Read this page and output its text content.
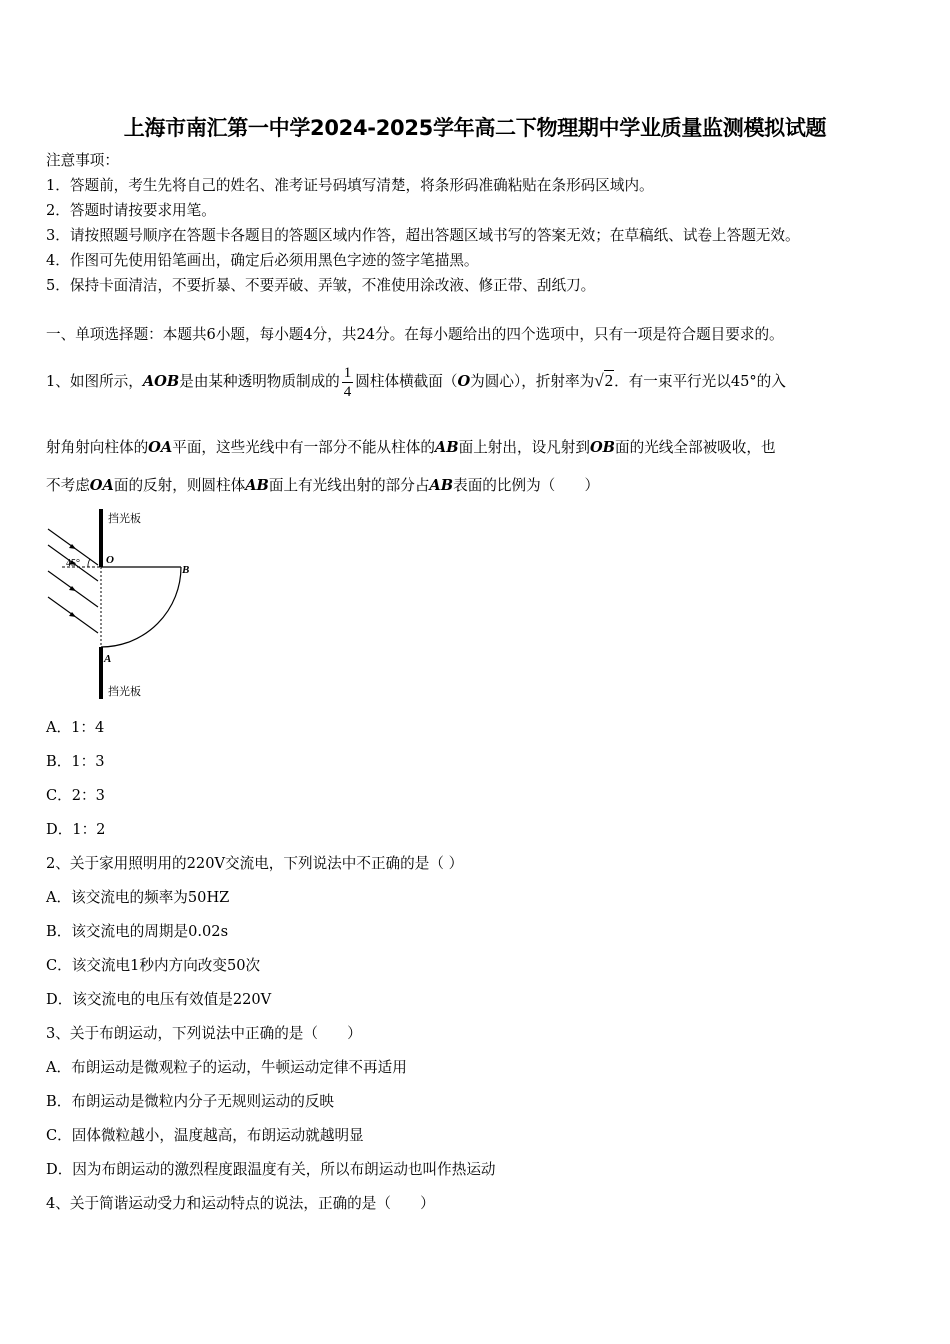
上海市南汇第一中学2024-2025学年高二下物理期中学业质量监测模拟试题
注意事项：
1．答题前，考生先将自己的姓名、准考证号码填写清楚，将条形码准确粘贴在条形码区域内。
2．答题时请按要求用笔。
3．请按照题号顺序在答题卡各题目的答题区域内作答，超出答题区域书写的答案无效；在草稿纸、试卷上答题无效。
4．作图可先使用铅笔画出，确定后必须用黑色字迹的签字笔描黑。
5．保持卡面清洁，不要折暴、不要弄破、弄皱，不准使用涂改液、修正带、刮纸刀。
一、单项选择题：本题共6小题，每小题4分，共24分。在每小题给出的四个选项中，只有一项是符合题目要求的。
1、如图所示，AOB是由某种透明物质制成的 $\frac{1}{4}$ 圆柱体横截面（O为圆心），折射率为√2．有一束平行光以45°的入
射角射向柱体的OA平面，这些光线中有一部分不能从柱体的AB面上射出，设凡射到OB面的光线全部被吸收，也
不考虑OA面的反射，则圆柱体AB面上有光线出射的部分占AB表面的比例为（　　）
挡光板
挡光板
45° O
B
A
A．1：4
B．1：3
C．2：3
D．1：2
2、关于家用照明用的220V交流电，下列说法中不正确的是（ ）
A．该交流电的频率为50HZ
B．该交流电的周期是0.02s
C．该交流电1秒内方向改变50次
D．该交流电的电压有效值是220V
3、关于布朗运动，下列说法中正确的是（　　）
A．布朗运动是微观粒子的运动，牛顿运动定律不再适用
B．布朗运动是微粒内分子无规则运动的反映
C．固体微粒越小，温度越高，布朗运动就越明显
D．因为布朗运动的激烈程度跟温度有关，所以布朗运动也叫作热运动
4、关于简谐运动受力和运动特点的说法，正确的是（　　）
